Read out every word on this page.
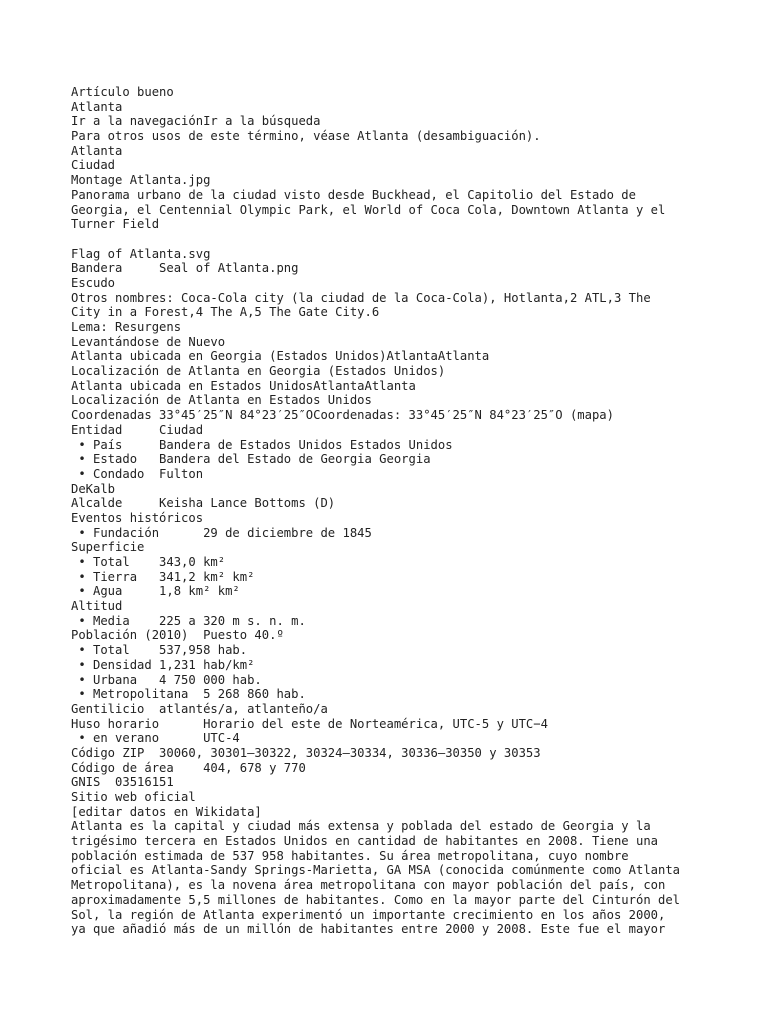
Artículo bueno
Atlanta
Ir a la navegaciónIr a la búsqueda
Para otros usos de este término, véase Atlanta (desambiguación).
Atlanta
Ciudad
Montage Atlanta.jpg
Panorama urbano de la ciudad visto desde Buckhead, el Capitolio del Estado de
Georgia, el Centennial Olympic Park, el World of Coca Cola, Downtown Atlanta y el
Turner Field
Flag of Atlanta.svg
Bandera     Seal of Atlanta.png
Escudo
Otros nombres: Coca-Cola city (la ciudad de la Coca-Cola), Hotlanta,2 ATL,3 The
City in a Forest,4 The A,5 The Gate City.6
Lema: Resurgens
Levantándose de Nuevo
Atlanta ubicada en Georgia (Estados Unidos)AtlantaAtlanta
Localización de Atlanta en Georgia (Estados Unidos)
Atlanta ubicada en Estados UnidosAtlantaAtlanta
Localización de Atlanta en Estados Unidos
Coordenadas 33°45′25″N 84°23′25″OCoordenadas: 33°45′25″N 84°23′25″O (mapa)
Entidad     Ciudad
• País     Bandera de Estados Unidos Estados Unidos
• Estado   Bandera del Estado de Georgia Georgia
• Condado  Fulton
DeKalb
Alcalde     Keisha Lance Bottoms (D)
Eventos históricos
• Fundación      29 de diciembre de 1845
Superficie
• Total    343,0 km²
• Tierra   341,2 km² km²
• Agua     1,8 km² km²
Altitud
• Media    225 a 320 m s. n. m.
Población (2010)  Puesto 40.º
• Total    537,958 hab.
• Densidad 1,231 hab/km²
• Urbana   4 750 000 hab.
• Metropolitana  5 268 860 hab.
Gentilicio  atlantés/a, atlanteño/a
Huso horario      Horario del este de Norteamérica, UTC-5 y UTC−4
• en verano      UTC-4
Código ZIP  30060, 30301–30322, 30324–30334, 30336–30350 y 30353
Código de área    404, 678 y 770
GNIS  03516151
Sitio web oficial
[editar datos en Wikidata]
Atlanta es la capital y ciudad más extensa y poblada del estado de Georgia y la
trigésimo tercera en Estados Unidos en cantidad de habitantes en 2008. Tiene una
población estimada de 537 958 habitantes. Su área metropolitana, cuyo nombre
oficial es Atlanta-Sandy Springs-Marietta, GA MSA (conocida comúnmente como Atlanta
Metropolitana), es la novena área metropolitana con mayor población del país, con
aproximadamente 5,5 millones de habitantes. Como en la mayor parte del Cinturón del
Sol, la región de Atlanta experimentó un importante crecimiento en los años 2000,
ya que añadió más de un millón de habitantes entre 2000 y 2008. Este fue el mayor
